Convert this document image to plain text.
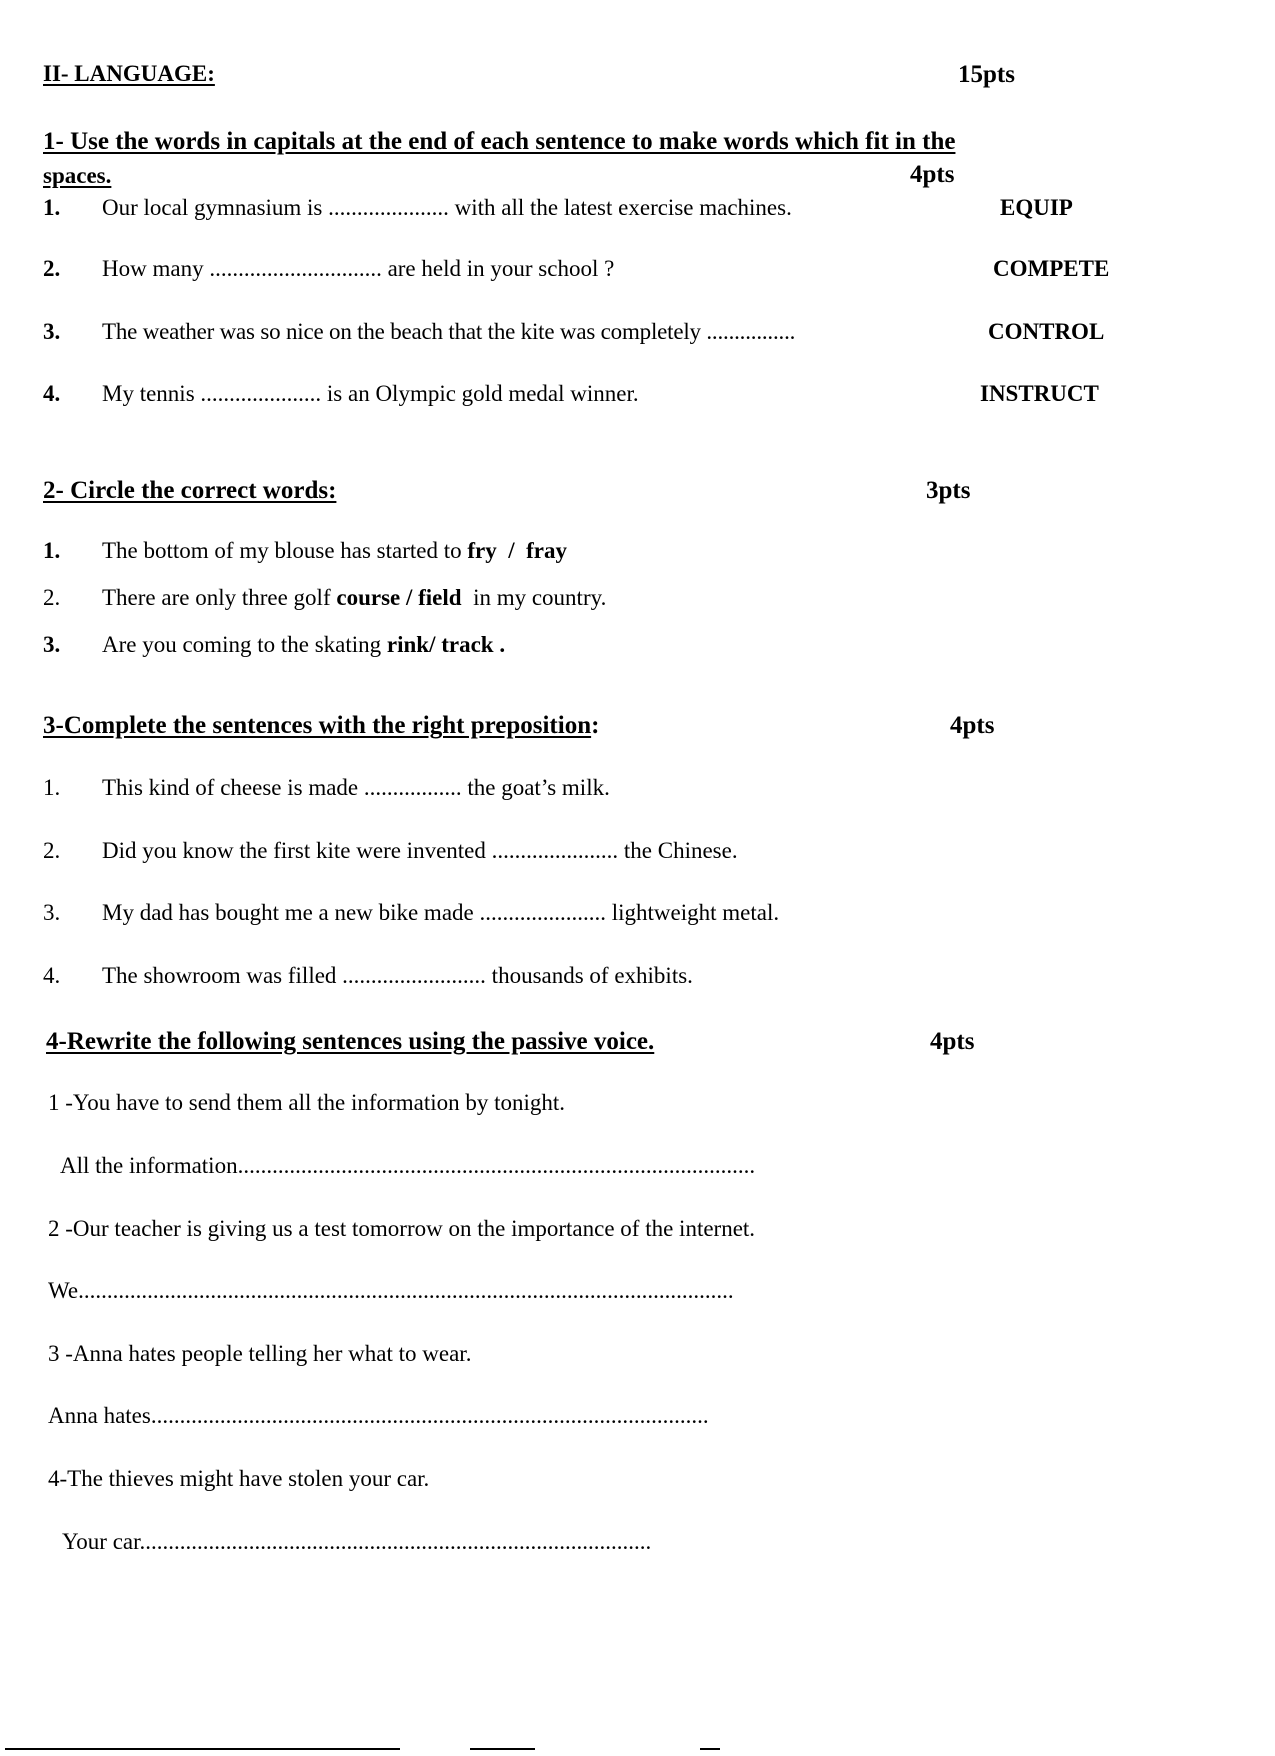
II- LANGUAGE:	15pts
1- Use the words in capitals at the end of each sentence to make words which fit in the
spaces.	4pts
1. Our local gymnasium is ..................... with all the latest exercise machines.	EQUIP
2. How many .............................. are held in your school ?	COMPETE
3. The weather was so nice on the beach that the kite was completely ................	CONTROL
4. My tennis ..................... is an Olympic gold medal winner.	INSTRUCT
2- Circle the correct words:	3pts
1. The bottom of my blouse has started to fry  /  fray
2. There are only three golf course / field  in my country.
3. Are you coming to the skating rink/ track .
3-Complete the sentences with the right preposition:	4pts
1. This kind of cheese is made ................. the goat’s milk.
2. Did you know the first kite were invented ...................... the Chinese.
3. My dad has bought me a new bike made ...................... lightweight metal.
4. The showroom was filled ......................... thousands of exhibits.
4-Rewrite the following sentences using the passive voice.	4pts
1 -You have to send them all the information by tonight.
All the information..........................................................................................
2 -Our teacher is giving us a test tomorrow on the importance of the internet.
We..................................................................................................................
3 -Anna hates people telling her what to wear.
Anna hates.................................................................................................
4-The thieves might have stolen your car.
Your car.........................................................................................
